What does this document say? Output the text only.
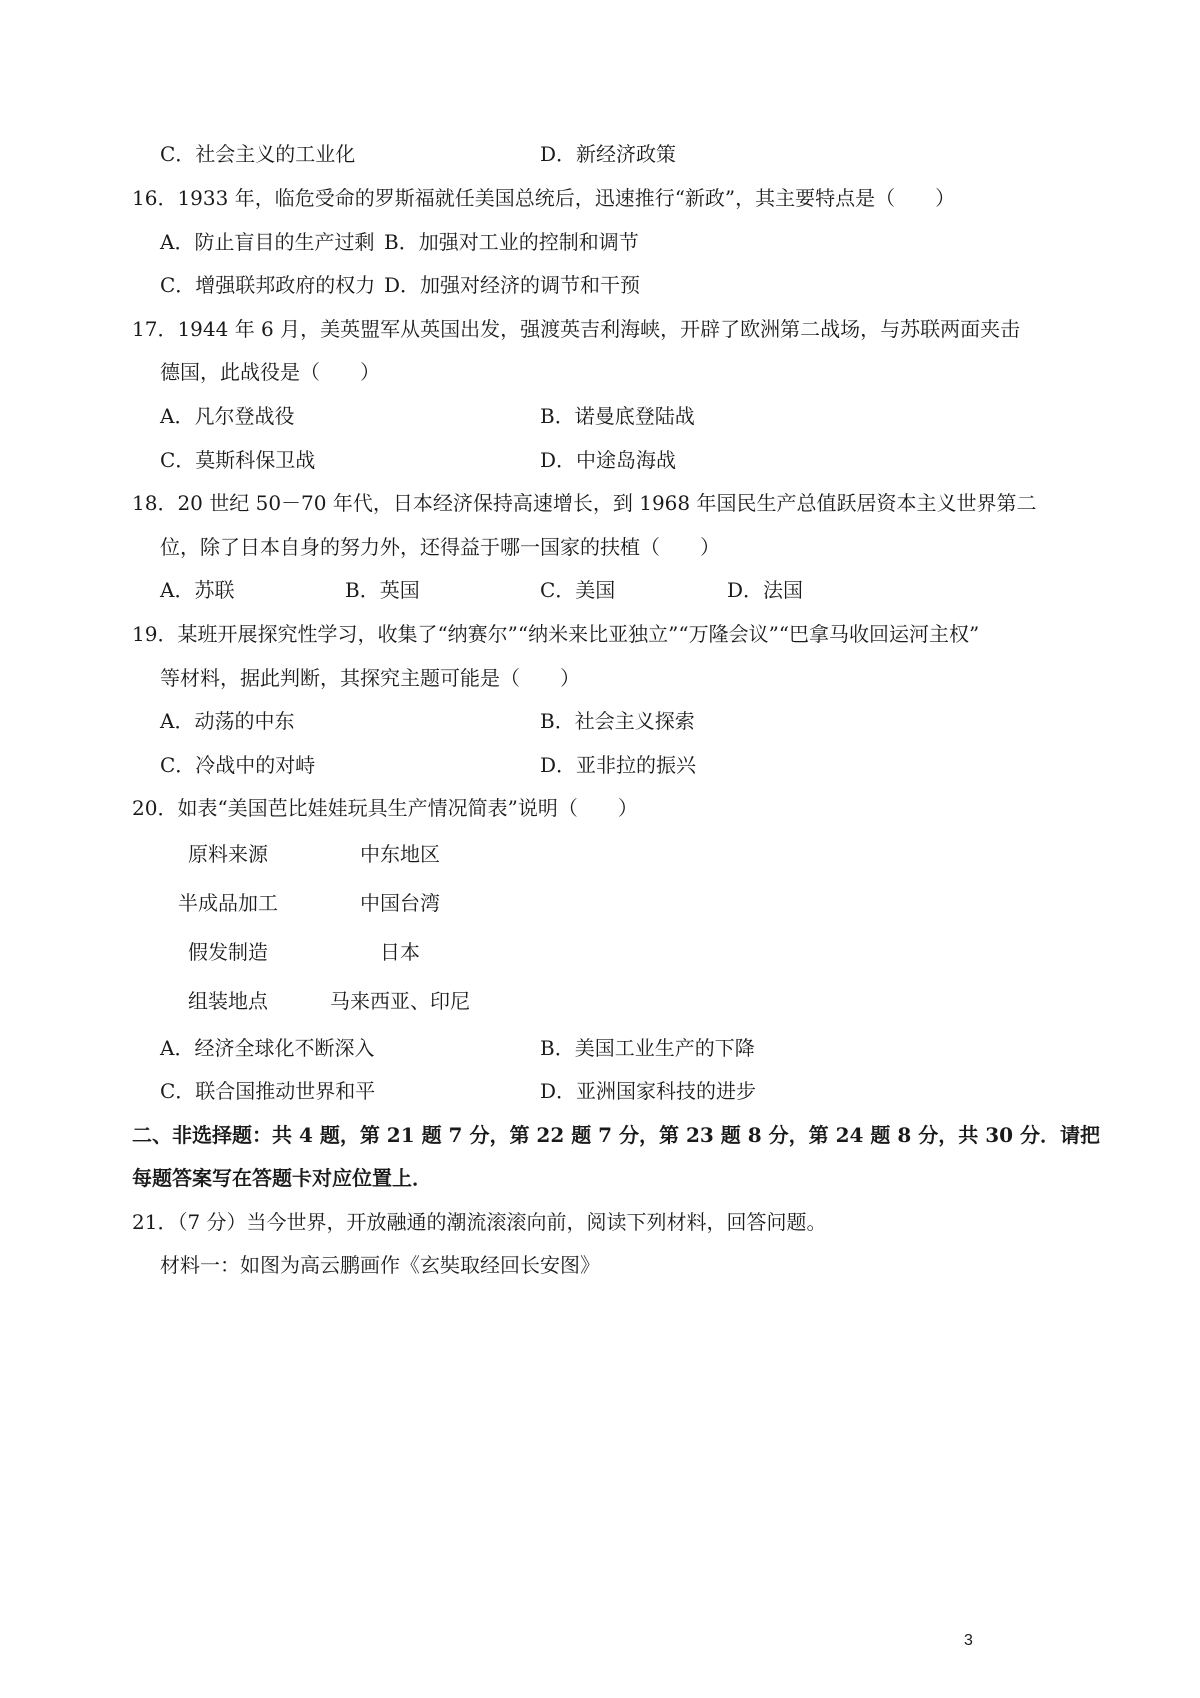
C．社会主义的工业化	D．新经济政策
16．1933 年，临危受命的罗斯福就任美国总统后，迅速推行“新政”，其主要特点是（　　）
A．防止盲目的生产过剩 B．加强对工业的控制和调节
C．增强联邦政府的权力 D．加强对经济的调节和干预
17．1944 年 6 月，美英盟军从英国出发，强渡英吉利海峡，开辟了欧洲第二战场，与苏联两面夹击
德国，此战役是（　　）
A．凡尔登战役	B．诺曼底登陆战
C．莫斯科保卫战	D．中途岛海战
18．20 世纪 50－70 年代，日本经济保持高速增长，到 1968 年国民生产总值跃居资本主义世界第二
位，除了日本自身的努力外，还得益于哪一国家的扶植（　　）
A．苏联	B．英国	C．美国	D．法国
19．某班开展探究性学习，收集了“纳赛尔”“纳米来比亚独立”“万隆会议”“巴拿马收回运河主权”
等材料，据此判断，其探究主题可能是（　　）
A．动荡的中东	B．社会主义探索
C．冷战中的对峙	D．亚非拉的振兴
20．如表“美国芭比娃娃玩具生产情况简表”说明（　　）
原料来源	中东地区
半成品加工	中国台湾
假发制造	日本
组装地点	马来西亚、印尼
A．经济全球化不断深入	B．美国工业生产的下降
C．联合国推动世界和平	D．亚洲国家科技的进步
二、非选择题：共 4 题，第 21 题 7 分，第 22 题 7 分，第 23 题 8 分，第 24 题 8 分，共 30 分．请把
每题答案写在答题卡对应位置上．
21．（7 分）当今世界，开放融通的潮流滚滚向前，阅读下列材料，回答问题。
材料一：如图为高云鹏画作《玄奘取经回长安图》
3
